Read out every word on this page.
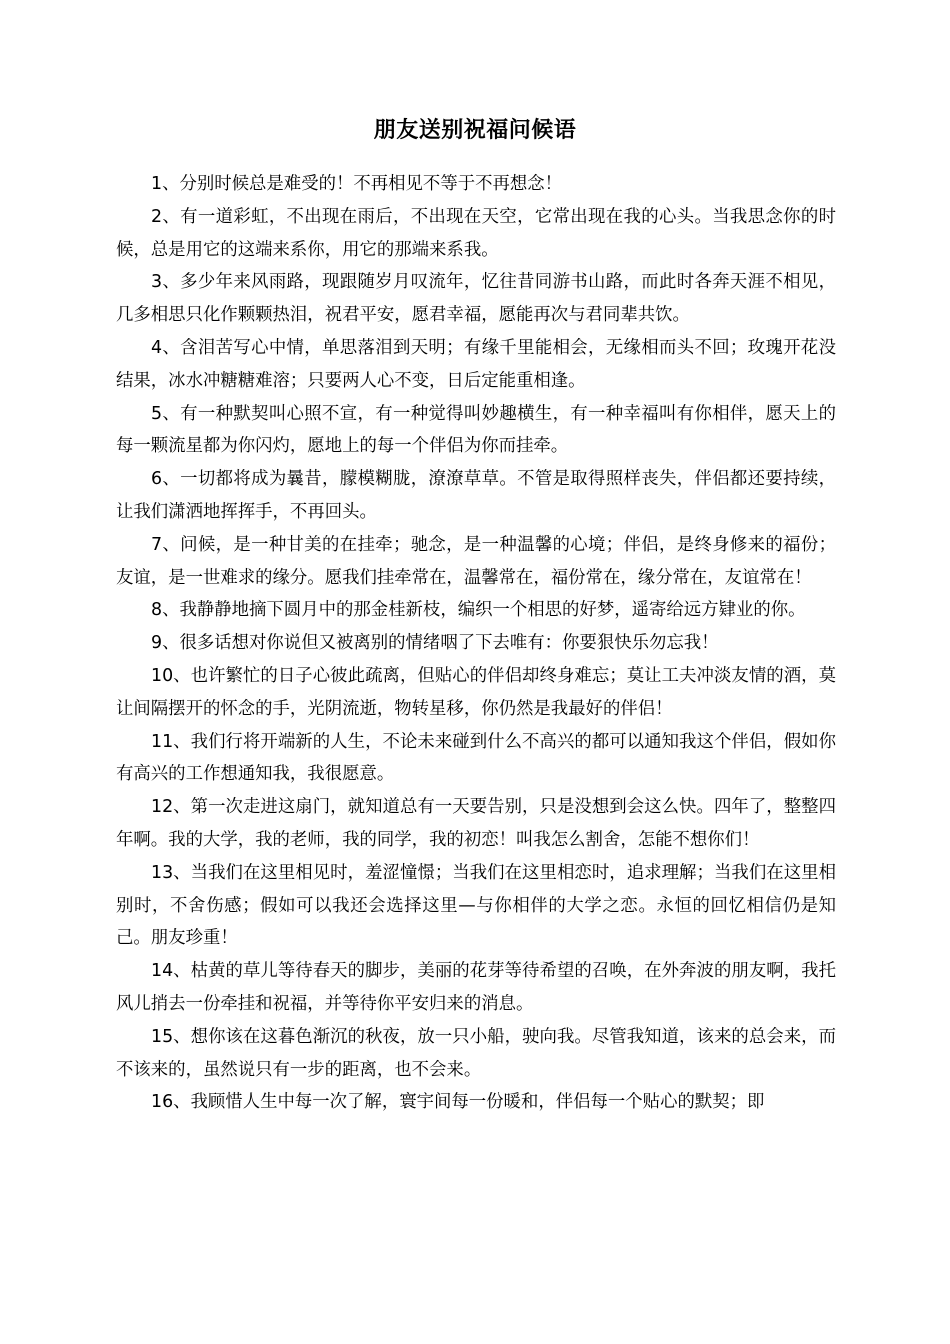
朋友送别祝福问候语

1、分别时候总是难受的！不再相见不等于不再想念！

2、有一道彩虹，不出现在雨后，不出现在天空，它常出现在我的心头。当我思念你的时候，总是用它的这端来系你，用它的那端来系我。

3、多少年来风雨路，现跟随岁月叹流年，忆往昔同游书山路，而此时各奔天涯不相见，几多相思只化作颗颗热泪，祝君平安，愿君幸福，愿能再次与君同辈共饮。

4、含泪苦写心中情，单思落泪到天明；有缘千里能相会，无缘相而头不回；玫瑰开花没结果，冰水冲糖糖难溶；只要两人心不变，日后定能重相逢。

5、有一种默契叫心照不宣，有一种觉得叫妙趣横生，有一种幸福叫有你相伴，愿天上的每一颗流星都为你闪灼，愿地上的每一个伴侣为你而挂牵。

6、一切都将成为曩昔，朦模糊胧，潦潦草草。不管是取得照样丧失，伴侣都还要持续，让我们潇洒地挥挥手，不再回头。

7、问候，是一种甘美的在挂牵；驰念，是一种温馨的心境；伴侣，是终身修来的福份；友谊，是一世难求的缘分。愿我们挂牵常在，温馨常在，福份常在，缘分常在，友谊常在！

8、我静静地摘下圆月中的那金桂新枝，编织一个相思的好梦，遥寄给远方肄业的你。

9、很多话想对你说但又被离别的情绪咽了下去唯有：你要狠快乐勿忘我！

10、也许繁忙的日子心彼此疏离，但贴心的伴侣却终身难忘；莫让工夫冲淡友情的酒，莫让间隔摆开的怀念的手，光阴流逝，物转星移，你仍然是我最好的伴侣！

11、我们行将开端新的人生，不论未来碰到什么不高兴的都可以通知我这个伴侣，假如你有高兴的工作想通知我，我很愿意。

12、第一次走进这扇门，就知道总有一天要告别，只是没想到会这么快。四年了，整整四年啊。我的大学，我的老师，我的同学，我的初恋！叫我怎么割舍，怎能不想你们！

13、当我们在这里相见时，羞涩憧憬；当我们在这里相恋时，追求理解；当我们在这里相别时，不舍伤感；假如可以我还会选择这里—与你相伴的大学之恋。永恒的回忆相信仍是知己。朋友珍重！

14、枯黄的草儿等待春天的脚步，美丽的花芽等待希望的召唤，在外奔波的朋友啊，我托风儿捎去一份牵挂和祝福，并等待你平安归来的消息。

15、想你该在这暮色渐沉的秋夜，放一只小船，驶向我。尽管我知道，该来的总会来，而不该来的，虽然说只有一步的距离，也不会来。

16、我顾惜人生中每一次了解，寰宇间每一份暖和，伴侣每一个贴心的默契；即
